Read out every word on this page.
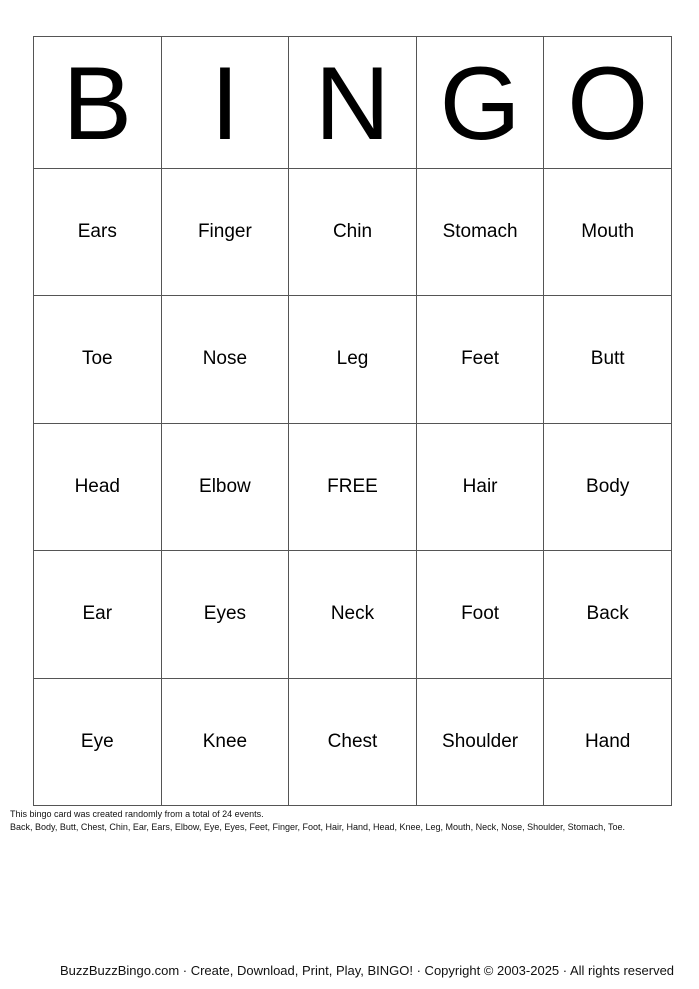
B	I	N	G	O
Ears	Finger	Chin	Stomach	Mouth
Toe	Nose	Leg	Feet	Butt
Head	Elbow	FREE	Hair	Body
Ear	Eyes	Neck	Foot	Back
Eye	Knee	Chest	Shoulder	Hand
This bingo card was created randomly from a total of 24 events.
Back, Body, Butt, Chest, Chin, Ear, Ears, Elbow, Eye, Eyes, Feet, Finger, Foot, Hair, Hand, Head, Knee, Leg, Mouth, Neck, Nose, Shoulder, Stomach, Toe.
BuzzBuzzBingo.com · Create, Download, Print, Play, BINGO! · Copyright © 2003-2025 · All rights reserved
